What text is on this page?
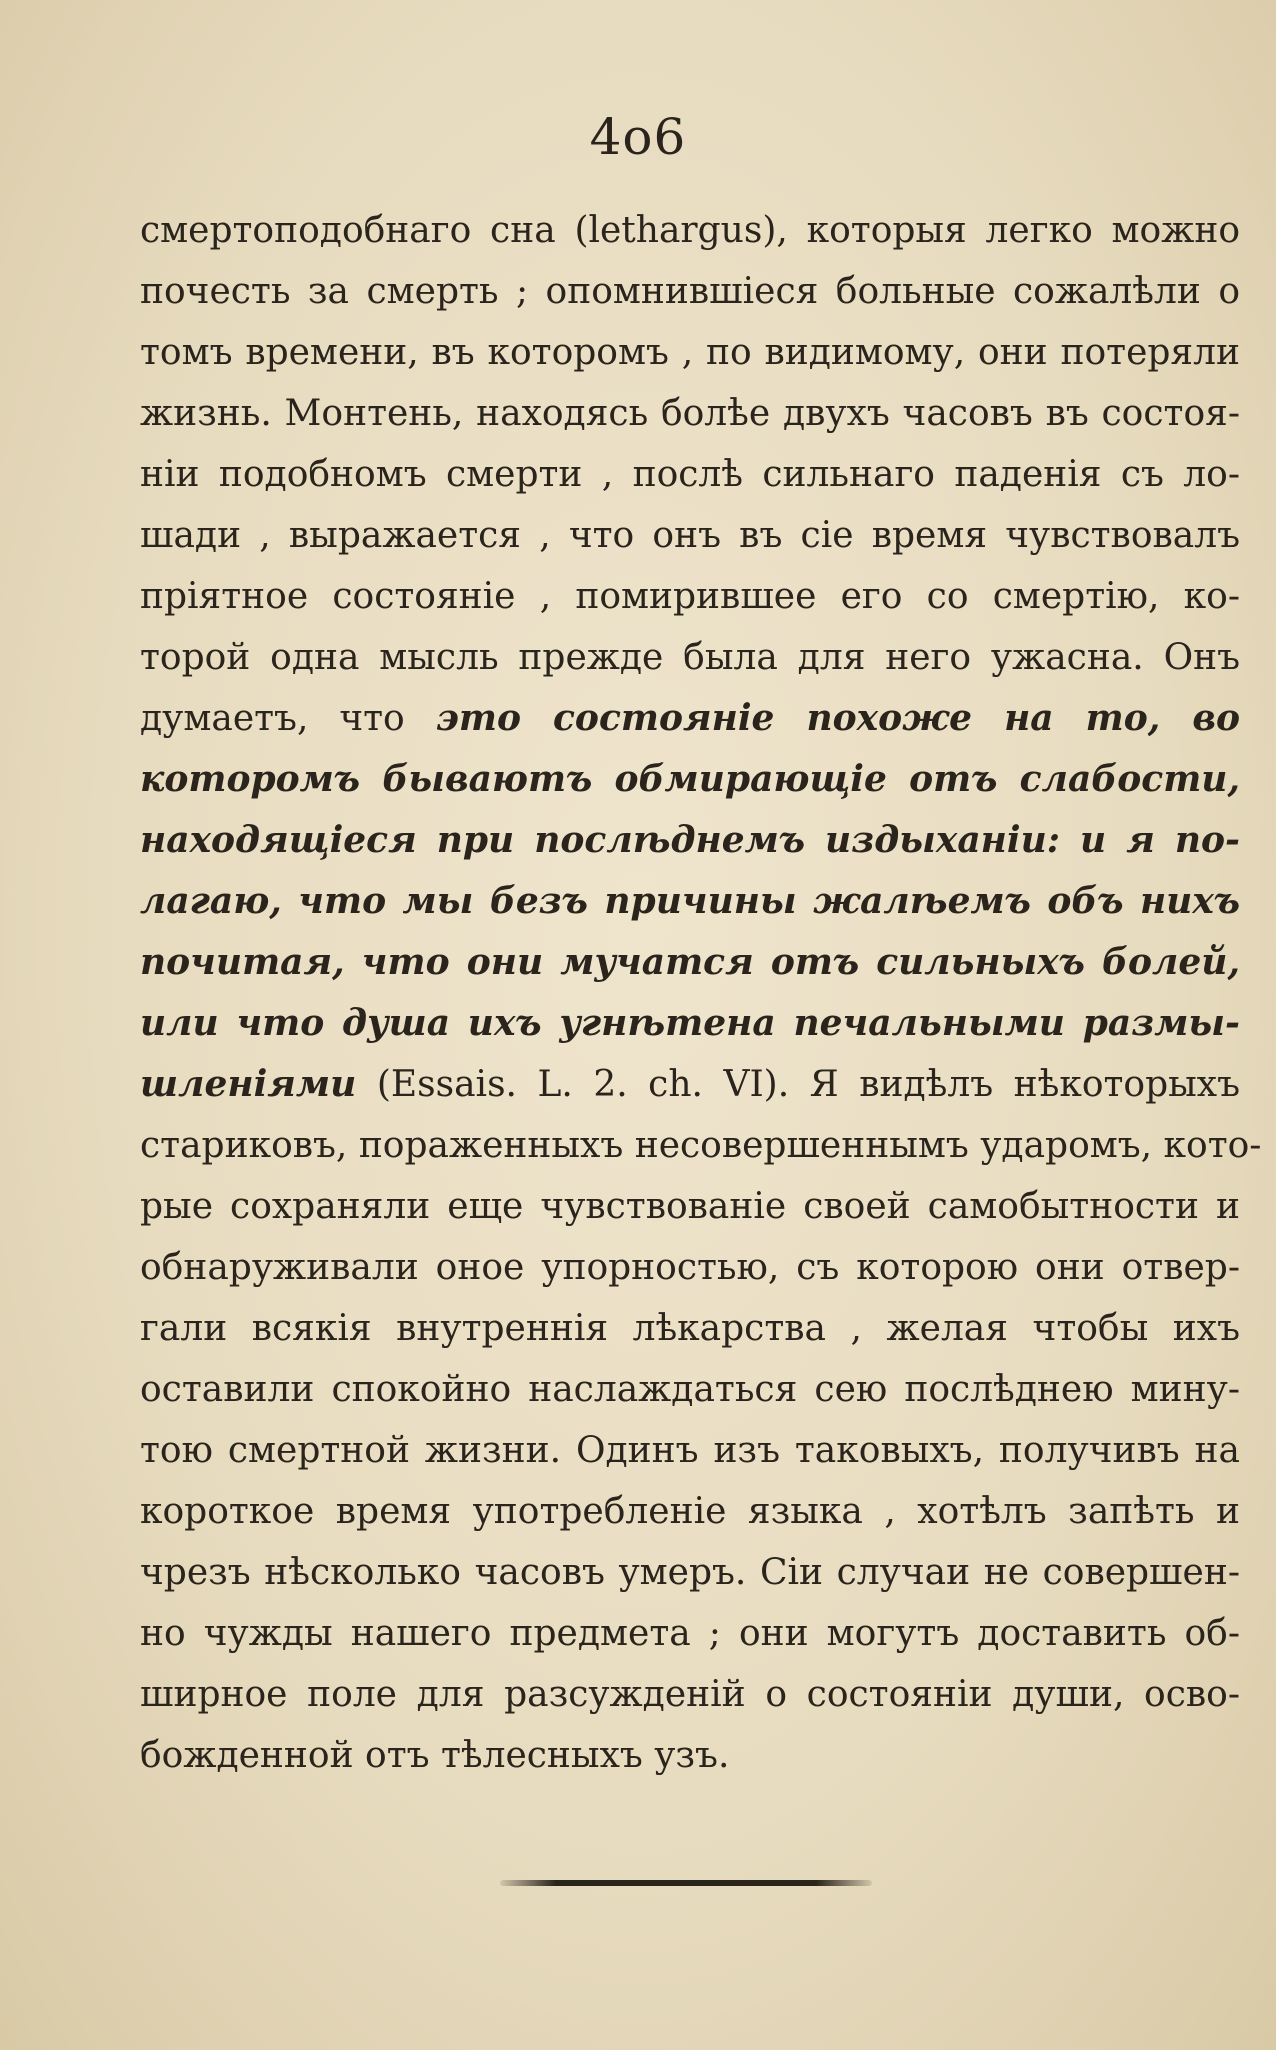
4о6
смертоподобнаго сна (lethargus), которыя легко можно
почесть за смерть ; опомнившіеся больные сожалѣли о
томъ времени, въ которомъ , по видимому, они потеряли
жизнь. Монтень, находясь болѣе двухъ часовъ въ состоя-
ніи подобномъ смерти , послѣ сильнаго паденія съ ло-
шади , выражается , что онъ въ сіе время чувствовалъ
пріятное состояніе , помирившее его со смертію, ко-
торой одна мысль прежде была для него ужасна. Онъ
думаетъ, что это состояніе похоже на то, во
которомъ бываютъ обмирающіе отъ слабости,
находящіеся при послѣднемъ издыханіи: и я по-
лагаю, что мы безъ причины жалѣемъ объ нихъ
почитая, что они мучатся отъ сильныхъ болей,
или что душа ихъ угнѣтена печальными размы-
шленіями (Essais. L. 2. ch. VI). Я видѣлъ нѣкоторыхъ
стариковъ, пораженныхъ несовершеннымъ ударомъ, кото-
рые сохраняли еще чувствованіе своей самобытности и
обнаруживали оное упорностью, съ которою они отвер-
гали всякія внутреннія лѣкарства , желая чтобы ихъ
оставили спокойно наслаждаться сею послѣднею мину-
тою смертной жизни. Одинъ изъ таковыхъ, получивъ на
короткое время употребленіе языка , хотѣлъ запѣть и
чрезъ нѣсколько часовъ умеръ. Сіи случаи не совершен-
но чужды нашего предмета ; они могутъ доставить об-
ширное поле для разсужденій о состояніи души, осво-
божденной отъ тѣлесныхъ узъ.
